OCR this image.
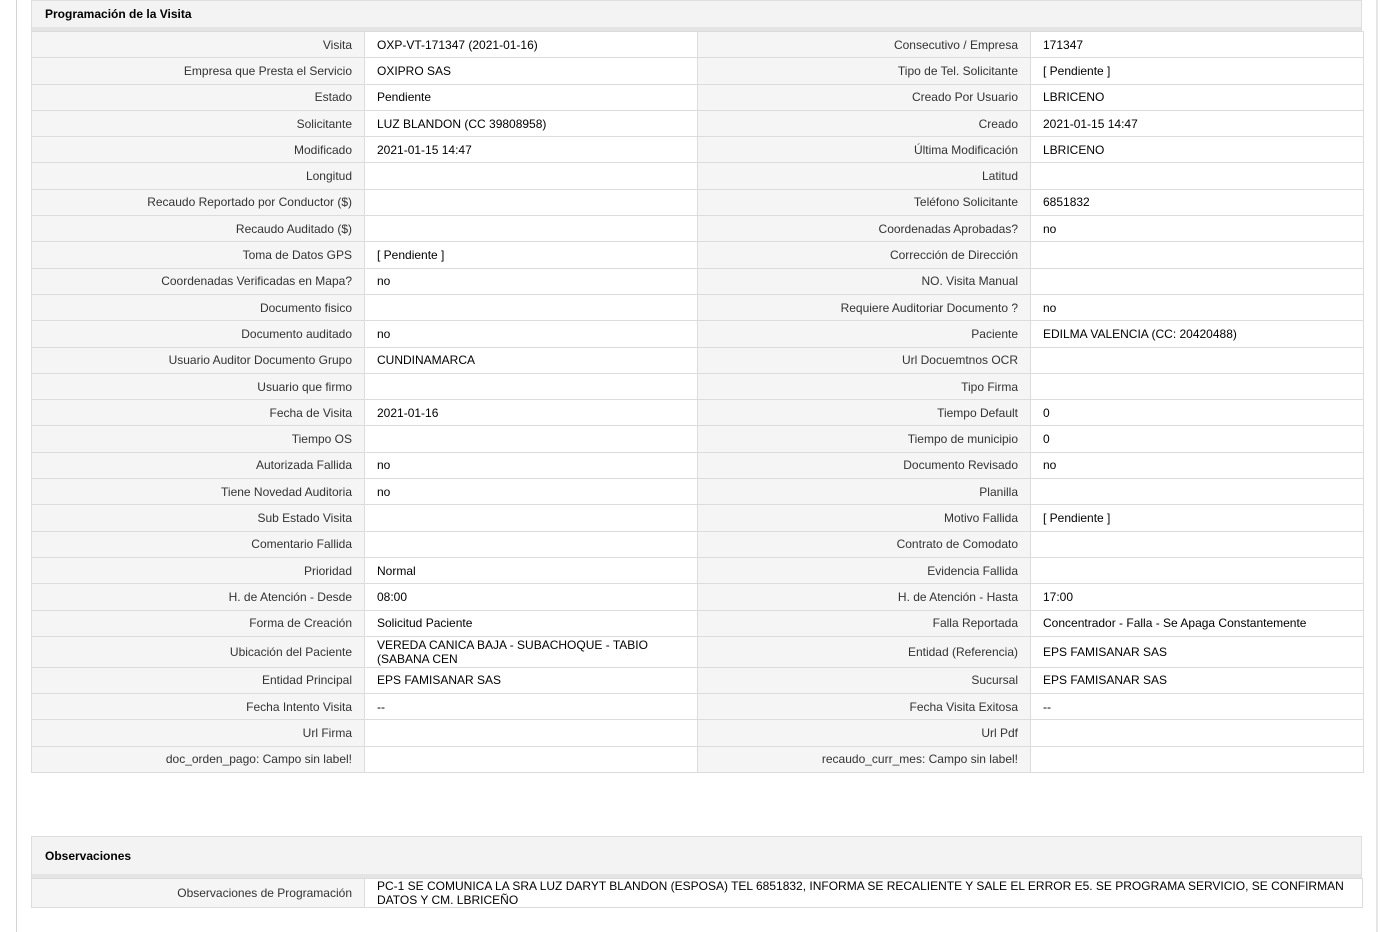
Programación de la Visita
Visita	OXP-VT-171347 (2021-01-16)	Consecutivo / Empresa	171347
Empresa que Presta el Servicio	OXIPRO SAS	Tipo de Tel. Solicitante	[ Pendiente ]
Estado	Pendiente	Creado Por Usuario	LBRICENO
Solicitante	LUZ BLANDON (CC 39808958)	Creado	2021-01-15 14:47
Modificado	2021-01-15 14:47	Última Modificación	LBRICENO
Longitud		Latitud	
Recaudo Reportado por Conductor ($)		Teléfono Solicitante	6851832
Recaudo Auditado ($)		Coordenadas Aprobadas?	no
Toma de Datos GPS	[ Pendiente ]	Corrección de Dirección	
Coordenadas Verificadas en Mapa?	no	NO. Visita Manual	
Documento fisico		Requiere Auditoriar Documento ?	no
Documento auditado	no	Paciente	EDILMA VALENCIA (CC: 20420488)
Usuario Auditor Documento Grupo	CUNDINAMARCA	Url Docuemtnos OCR	
Usuario que firmo		Tipo Firma	
Fecha de Visita	2021-01-16	Tiempo Default	0
Tiempo OS		Tiempo de municipio	0
Autorizada Fallida	no	Documento Revisado	no
Tiene Novedad Auditoria	no	Planilla	
Sub Estado Visita		Motivo Fallida	[ Pendiente ]
Comentario Fallida		Contrato de Comodato	
Prioridad	Normal	Evidencia Fallida	
H. de Atención - Desde	08:00	H. de Atención - Hasta	17:00
Forma de Creación	Solicitud Paciente	Falla Reportada	Concentrador - Falla - Se Apaga Constantemente
Ubicación del Paciente	VEREDA CANICA BAJA - SUBACHOQUE - TABIO (SABANA CEN	Entidad (Referencia)	EPS FAMISANAR SAS
Entidad Principal	EPS FAMISANAR SAS	Sucursal	EPS FAMISANAR SAS
Fecha Intento Visita	--	Fecha Visita Exitosa	--
Url Firma		Url Pdf	
doc_orden_pago: Campo sin label!		recaudo_curr_mes: Campo sin label!	
Observaciones
Observaciones de Programación	PC-1 SE COMUNICA LA SRA LUZ DARYT BLANDON (ESPOSA) TEL 6851832, INFORMA SE RECALIENTE Y SALE EL ERROR E5. SE PROGRAMA SERVICIO, SE CONFIRMAN DATOS Y CM. LBRICEÑO
